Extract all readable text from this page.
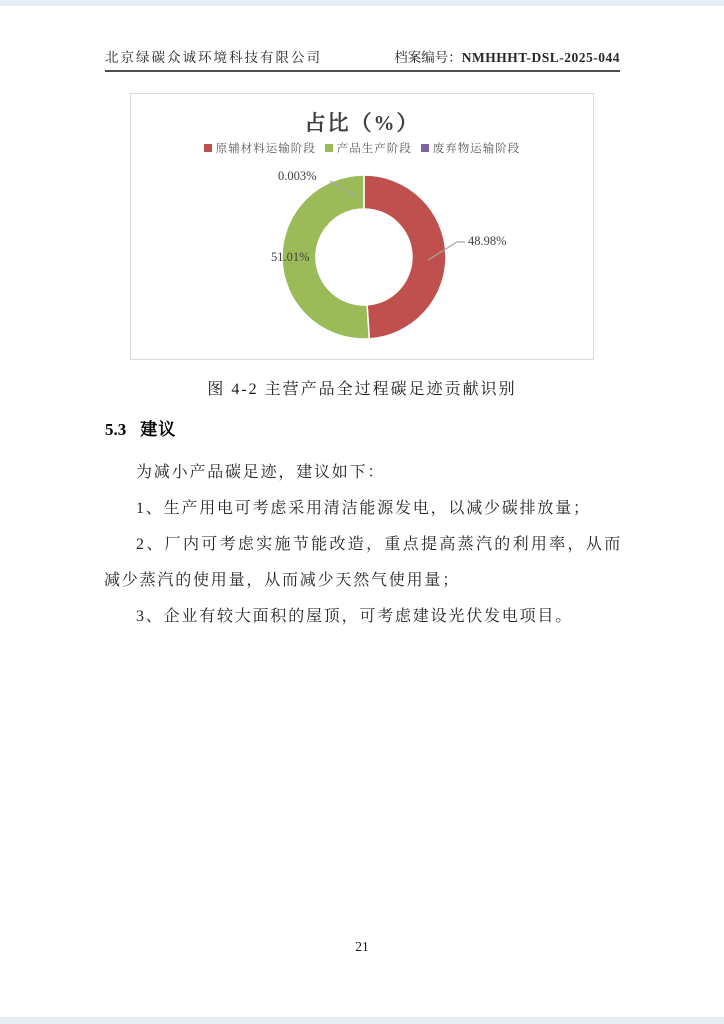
北京绿碳众诚环境科技有限公司	档案编号：NMHHHT-DSL-2025-044
占比（%）
原辅材料运输阶段 产品生产阶段 废弃物运输阶段
0.003%
48.98%
51.01%
图 4-2 主营产品全过程碳足迹贡献识别
5.3 建议

为减小产品碳足迹，建议如下：

1、生产用电可考虑采用清洁能源发电，以减少碳排放量；

2、厂内可考虑实施节能改造，重点提高蒸汽的利用率，从而减少蒸汽的使用量，从而减少天然气使用量；

3、企业有较大面积的屋顶，可考虑建设光伏发电项目。

21
